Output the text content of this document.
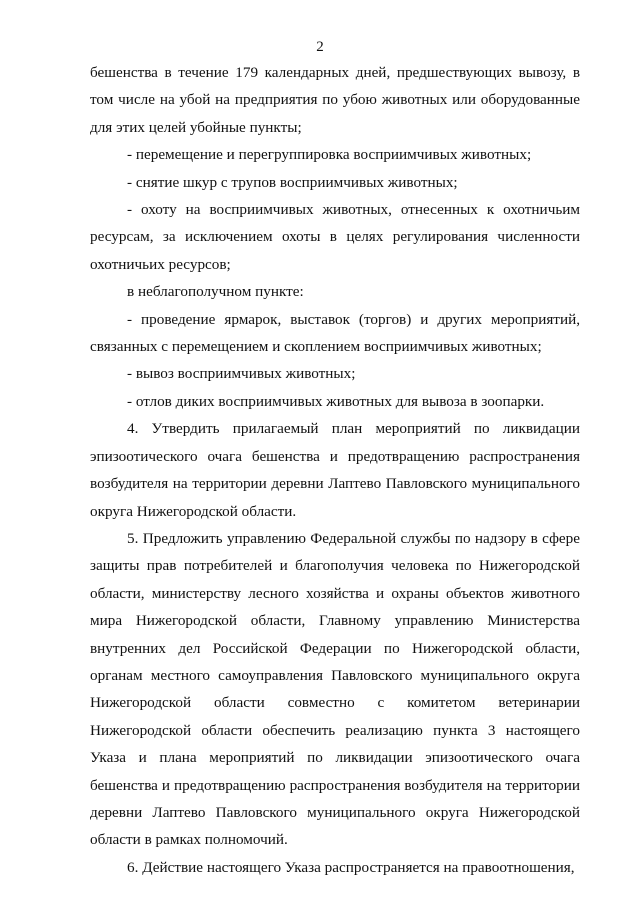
2

бешенства в течение 179 календарных дней, предшествующих вывозу, в том числе на убой на предприятия по убою животных или оборудованные для этих целей убойные пункты;

- перемещение и перегруппировка восприимчивых животных;

- снятие шкур с трупов восприимчивых животных;

- охоту на восприимчивых животных, отнесенных к охотничьим ресурсам, за исключением охоты в целях регулирования численности охотничьих ресурсов;

в неблагополучном пункте:

- проведение ярмарок, выставок (торгов) и других мероприятий, связанных с перемещением и скоплением восприимчивых животных;

- вывоз восприимчивых животных;

- отлов диких восприимчивых животных для вывоза в зоопарки.

4. Утвердить прилагаемый план мероприятий по ликвидации эпизоотического очага бешенства и предотвращению распространения возбудителя на территории деревни Лаптево Павловского муниципального округа Нижегородской области.

5. Предложить управлению Федеральной службы по надзору в сфере защиты прав потребителей и благополучия человека по Нижегородской области, министерству лесного хозяйства и охраны объектов животного мира Нижегородской области, Главному управлению Министерства внутренних дел Российской Федерации по Нижегородской области, органам местного самоуправления Павловского муниципального округа Нижегородской области совместно с комитетом ветеринарии Нижегородской области обеспечить реализацию пункта 3 настоящего Указа и плана мероприятий по ликвидации эпизоотического очага бешенства и предотвращению распространения возбудителя на территории деревни Лаптево Павловского муниципального округа Нижегородской области в рамках полномочий.

6. Действие настоящего Указа распространяется на правоотношения,
